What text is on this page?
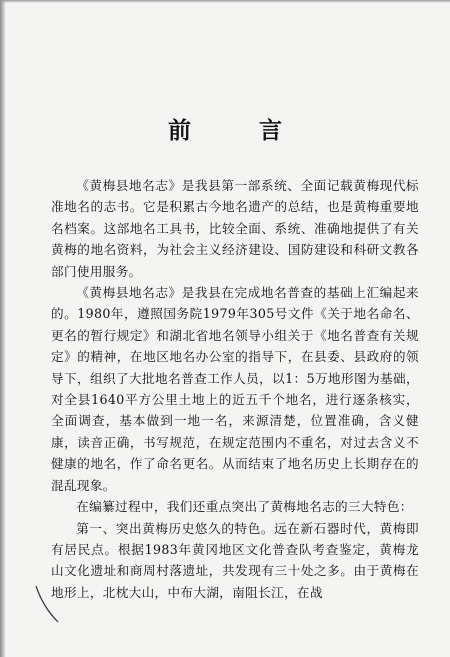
前 言

《黄梅县地名志》是我县第一部系统、全面记载黄梅现代标准地名的志书。它是积累古今地名遗产的总结，也是黄梅重要地名档案。这部地名工具书，比较全面、系统、准确地提供了有关黄梅的地名资料，为社会主义经济建设、国防建设和科研文教各部门使用服务。

《黄梅县地名志》是我县在完成地名普查的基础上汇编起来的。1980年，遵照国务院1979年305号文件《关于地名命名、更名的暂行规定》和湖北省地名领导小组关于《地名普查有关规定》的精神，在地区地名办公室的指导下，在县委、县政府的领导下，组织了大批地名普查工作人员，以1：5万地形图为基础，对全县1640平方公里土地上的近五千个地名，进行逐条核实，全面调查，基本做到一地一名，来源清楚，位置准确，含义健康，读音正确，书写规范，在规定范围内不重名，对过去含义不健康的地名，作了命名更名。从而结束了地名历史上长期存在的混乱现象。

在编纂过程中，我们还重点突出了黄梅地名志的三大特色：

第一、突出黄梅历史悠久的特色。远在新石器时代，黄梅即有居民点。根据1983年黄冈地区文化普查队考查鉴定，黄梅龙山文化遗址和商周村落遗址，共发现有三十处之多。由于黄梅在地形上，北枕大山，中布大湖，南阻长江，在战
